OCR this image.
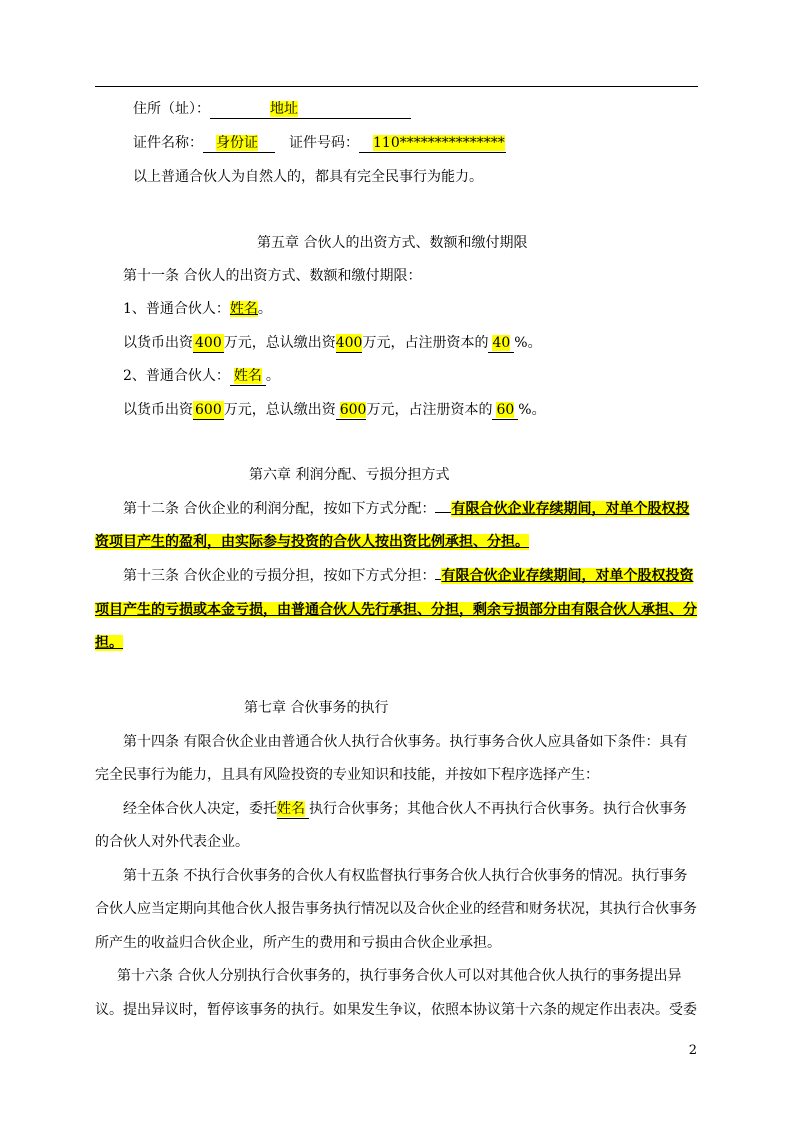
住所（址）：	地址
证件名称： 身份证 证件号码： 110***************
以上普通合伙人为自然人的，都具有完全民事行为能力。
第五章 合伙人的出资方式、数额和缴付期限
第十一条 合伙人的出资方式、数额和缴付期限：
1、普通合伙人：姓名。
以货币出资 400 万元，总认缴出资400万元，占注册资本的 40 %。
2、普通合伙人： 姓名 。
以货币出资 600 万元，总认缴出资 600万元，占注册资本的 60 %。
第六章 利润分配、亏损分担方式
第十二条 合伙企业的利润分配，按如下方式分配： 有限合伙企业存续期间，对单个股权投
资项目产生的盈利，由实际参与投资的合伙人按出资比例承担、分担。
第十三条 合伙企业的亏损分担，按如下方式分担： 有限合伙企业存续期间，对单个股权投资
项目产生的亏损或本金亏损，由普通合伙人先行承担、分担，剩余亏损部分由有限合伙人承担、分
担。
第七章 合伙事务的执行
第十四条 有限合伙企业由普通合伙人执行合伙事务。执行事务合伙人应具备如下条件：具有
完全民事行为能力，且具有风险投资的专业知识和技能，并按如下程序选择产生：
经全体合伙人决定，委托姓名 执行合伙事务；其他合伙人不再执行合伙事务。执行合伙事务
的合伙人对外代表企业。
第十五条 不执行合伙事务的合伙人有权监督执行事务合伙人执行合伙事务的情况。执行事务
合伙人应当定期向其他合伙人报告事务执行情况以及合伙企业的经营和财务状况，其执行合伙事务
所产生的收益归合伙企业，所产生的费用和亏损由合伙企业承担。
第十六条 合伙人分别执行合伙事务的，执行事务合伙人可以对其他合伙人执行的事务提出异
议。提出异议时，暂停该事务的执行。如果发生争议，依照本协议第十六条的规定作出表决。受委
2
